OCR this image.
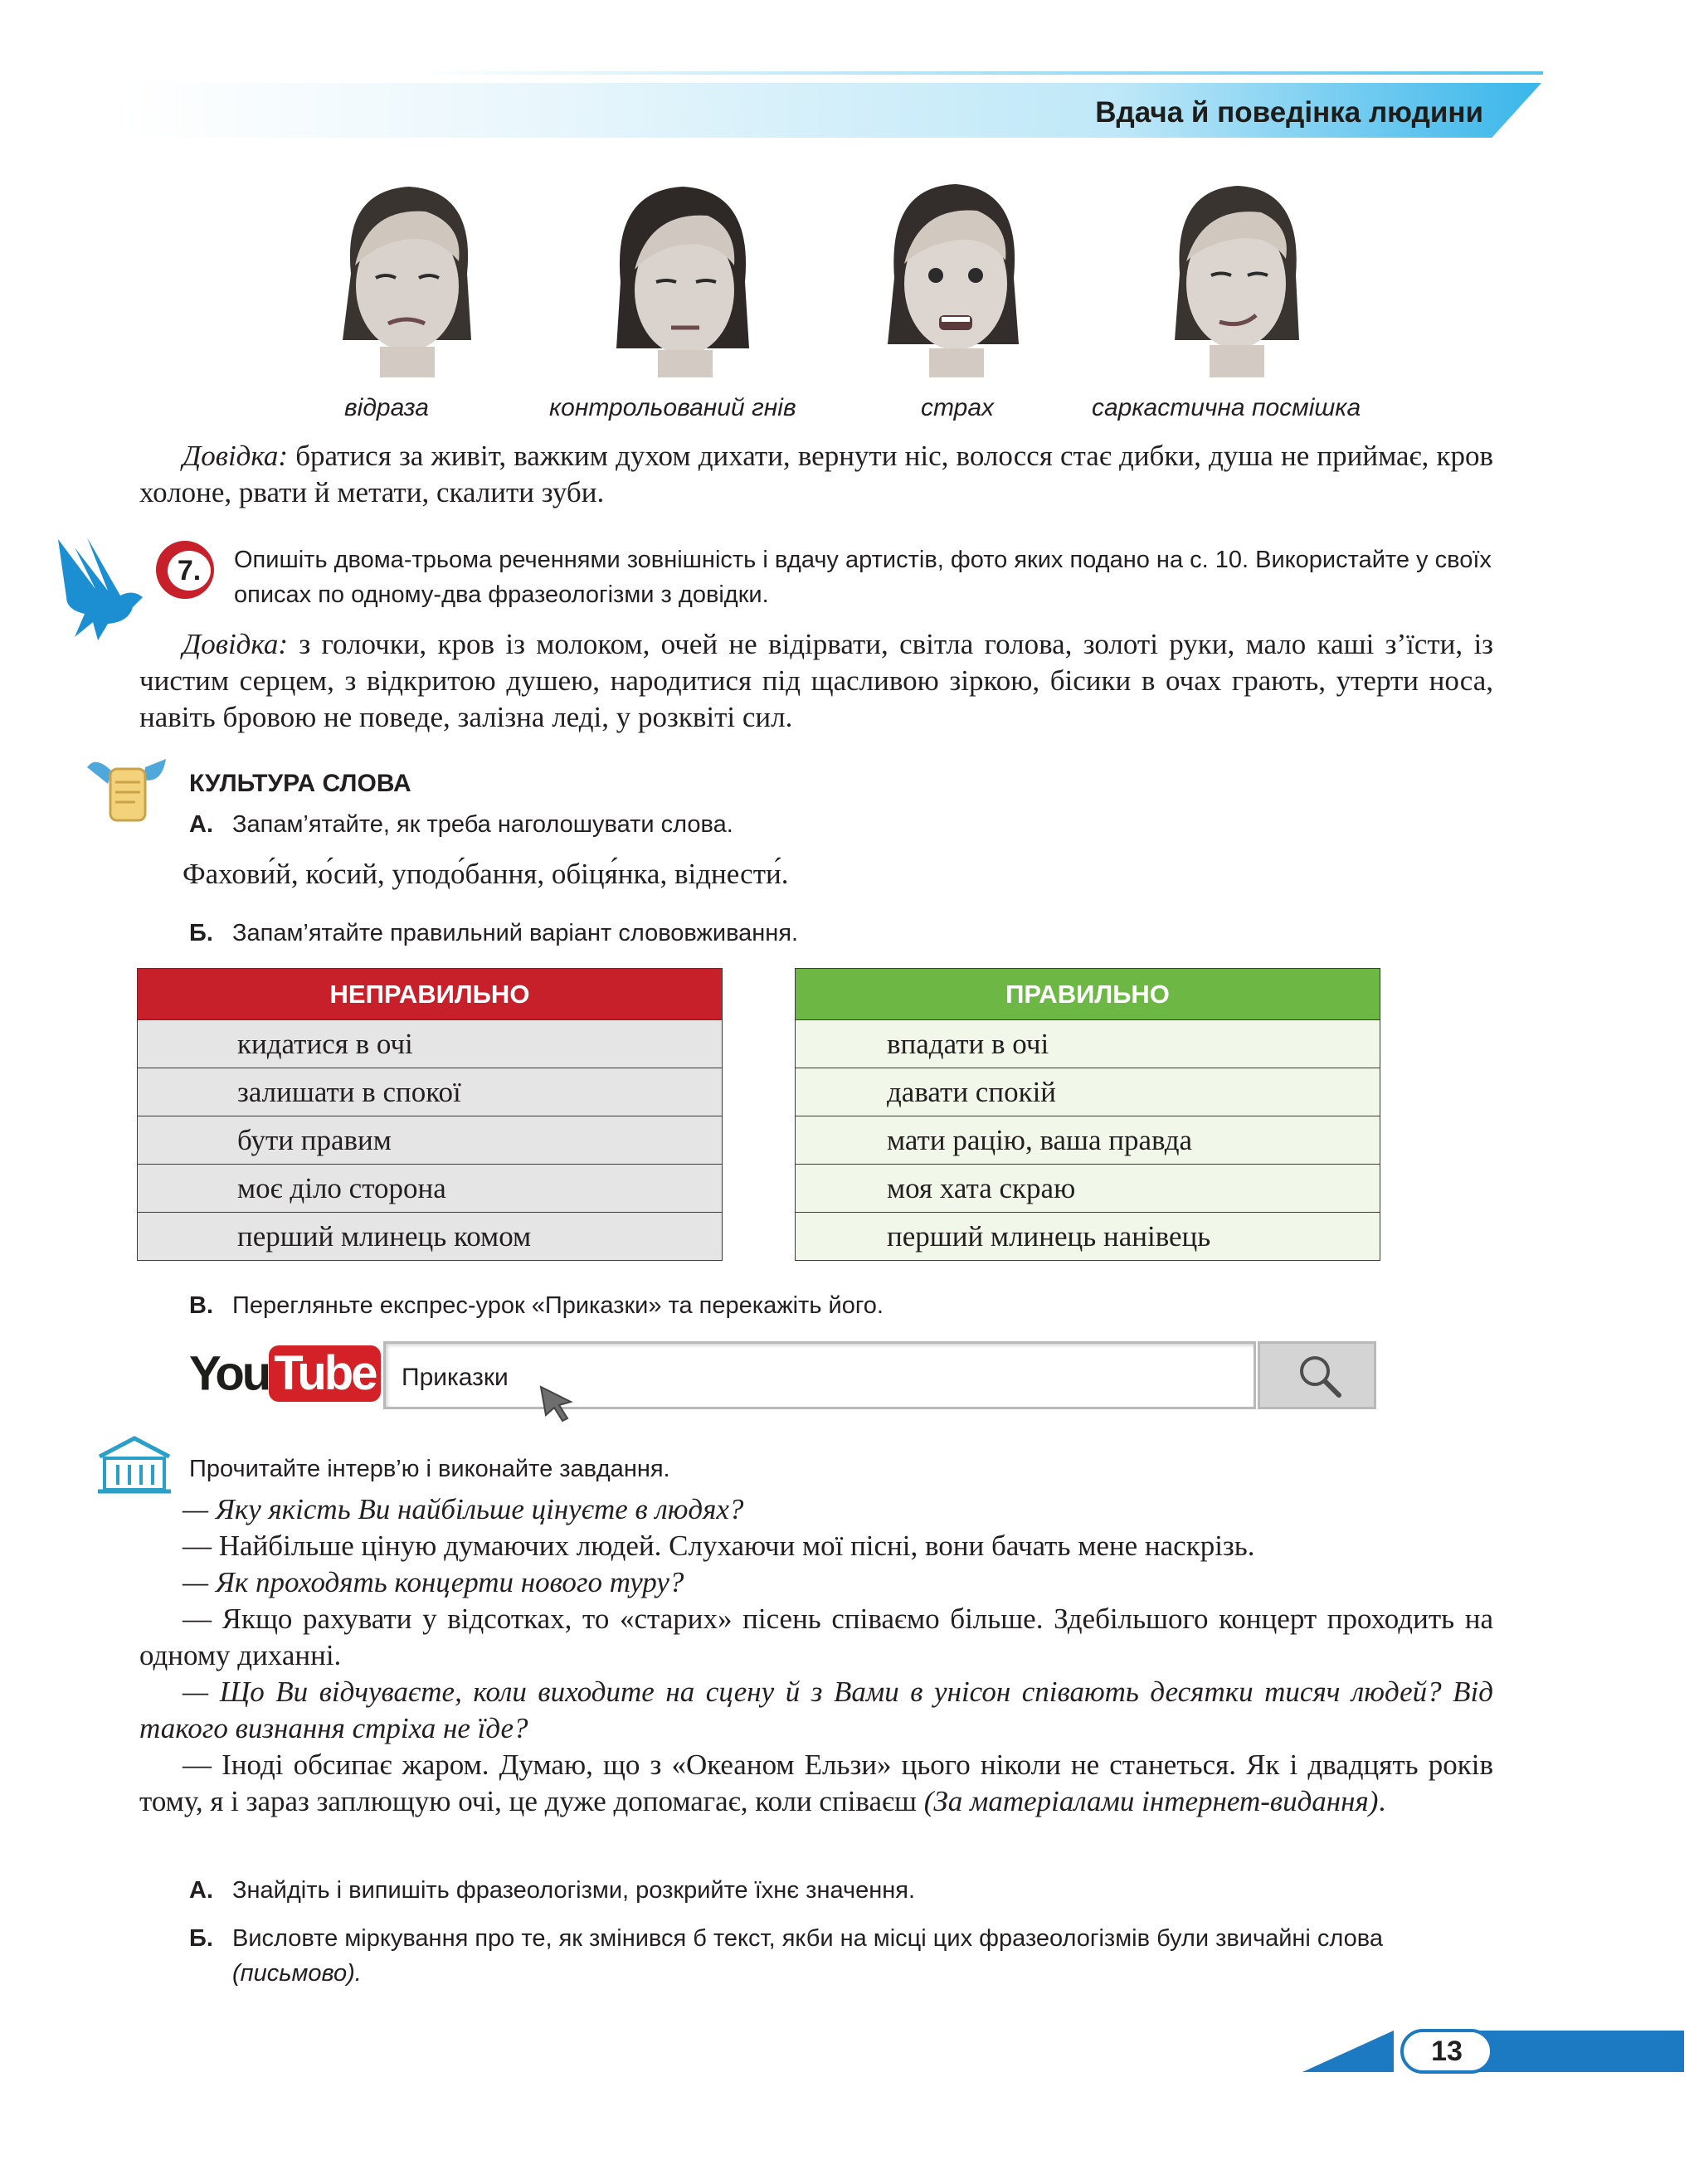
Вдача й поведінка людини
відраза	контрольований гнів	страх	саркастична посмішка
Довідка: братися за живіт, важким духом дихати, вернути ніс, волосся стає дибки, душа не приймає, кров холоне, рвати й метати, скалити зуби.
7.	Опишіть двома-трьома реченнями зовнішність і вдачу артистів, фото яких подано на с. 10. Використайте у своїх описах по одному-два фразеологізми з довідки.
Довідка: з голочки, кров із молоком, очей не відірвати, світла голова, золоті руки, мало каші з’їсти, із чистим серцем, з відкритою душею, народитися під щасливою зіркою, бісики в очах грають, утерти носа, навіть бровою не поведе, залізна леді, у розквіті сил.
КУЛЬТУРА СЛОВА
А. Запам’ятайте, як треба наголошувати слова.
Фахови́й, ко́сий, уподо́бання, обіця́нка, віднести́.
Б. Запам’ятайте правильний варіант слововживання.
НЕПРАВИЛЬНО
кидатися в очі
залишати в спокої
бути правим
моє діло сторона
перший млинець комом
ПРАВИЛЬНО
впадати в очі
давати спокій
мати рацію, ваша правда
моя хата скраю
перший млинець нанівець
В. Перегляньте експрес-урок «Приказки» та перекажіть його.
You Tube Приказки
Прочитайте інтерв’ю і виконайте завдання.
— Яку якість Ви найбільше цінуєте в людях?
— Найбільше ціную думаючих людей. Слухаючи мої пісні, вони бачать мене наскрізь.
— Як проходять концерти нового туру?
— Якщо рахувати у відсотках, то «старих» пісень співаємо більше. Здебільшого концерт проходить на одному диханні.
— Що Ви відчуваєте, коли виходите на сцену й з Вами в унісон співають десятки тисяч людей? Від такого визнання стріха не їде?
— Іноді обсипає жаром. Думаю, що з «Океаном Ельзи» цього ніколи не станеться. Як і двадцять років тому, я і зараз заплющую очі, це дуже допомагає, коли співаєш (За матеріалами інтернет-видання).
А. Знайдіть і випишіть фразеологізми, розкрийте їхнє значення.
Б. Висловте міркування про те, як змінився б текст, якби на місці цих фразеологізмів були звичайні слова (письмово).
13
